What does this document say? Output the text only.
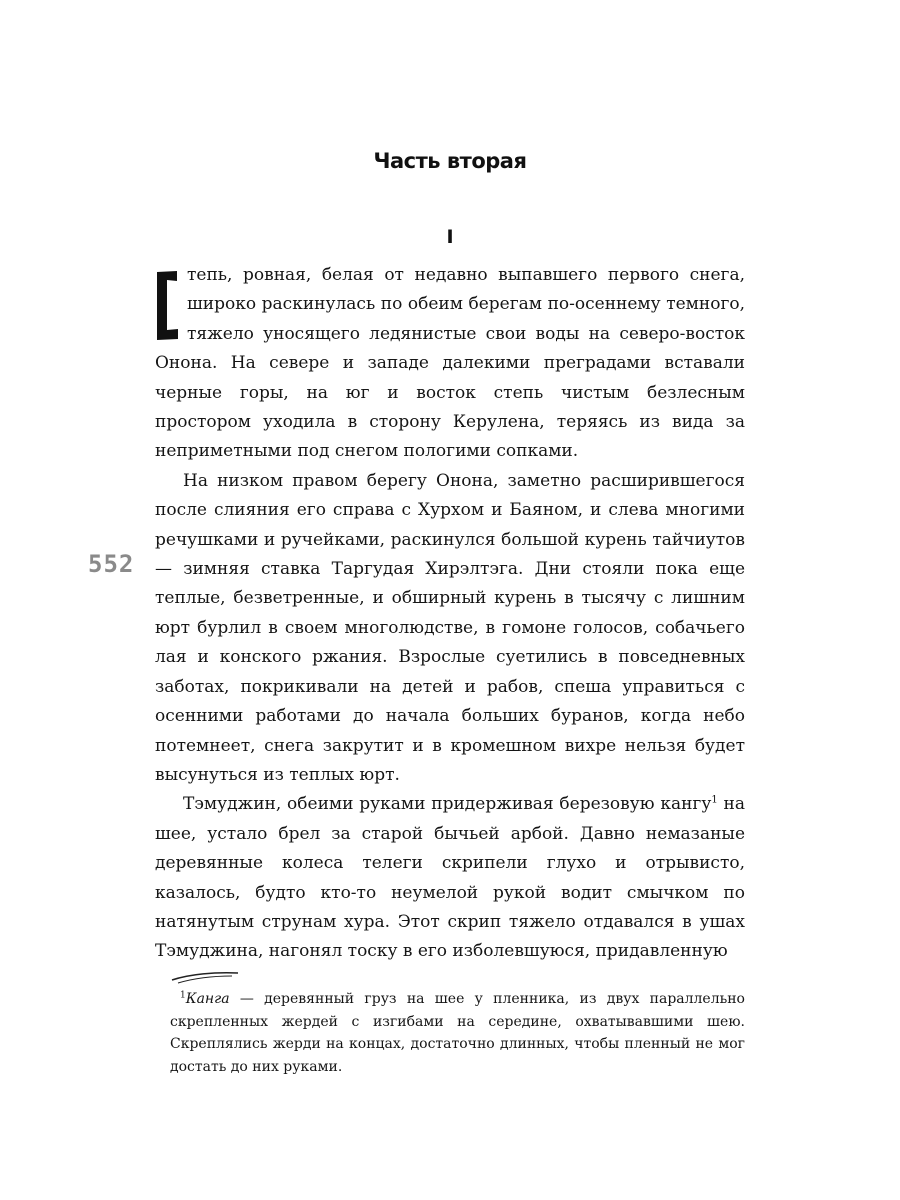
Часть вторая
I
552

тепь, ровная, белая от недавно выпавшего первого снега, широко раскинулась по обеим берегам по-осеннему темного, тяжело уносящего ледянистые свои воды на северо-восток Онона. На севере и западе далекими преградами вставали черные горы, на юг и восток степь чистым безлесным простором уходила в сторону Керулена, теряясь из вида за неприметными под снегом пологими сопками.

На низком правом берегу Онона, заметно расширившегося после слияния его справа с Хурхом и Баяном, и слева многими речушками и ручейками, раскинулся большой курень тайчиутов — зимняя ставка Таргудая Хирэлтэга. Дни стояли пока еще теплые, безветренные, и обширный курень в тысячу с лишним юрт бурлил в своем многолюдстве, в гомоне голосов, собачьего лая и конского ржания. Взрослые суетились в повседневных заботах, покрикивали на детей и рабов, спеша управиться с осенними работами до начала больших буранов, когда небо потемнеет, снега закрутит и в кромешном вихре нельзя будет высунуться из теплых юрт.

Тэмуджин, обеими руками придерживая березовую кангу$^1$ на шее, устало брел за старой бычьей арбой. Давно немазаные деревянные колеса телеги скрипели глухо и отрывисто, казалось, будто кто-то неумелой рукой водит смычком по натянутым струнам хура. Этот скрип тяжело отдавался в ушах Тэмуджина, нагонял тоску в его изболевшуюся, придавленную

$^1$Канга — деревянный груз на шее у пленника, из двух параллельно скрепленных жердей с изгибами на середине, охватывавшими шею. Скреплялись жерди на концах, достаточно длинных, чтобы пленный не мог достать до них руками.
